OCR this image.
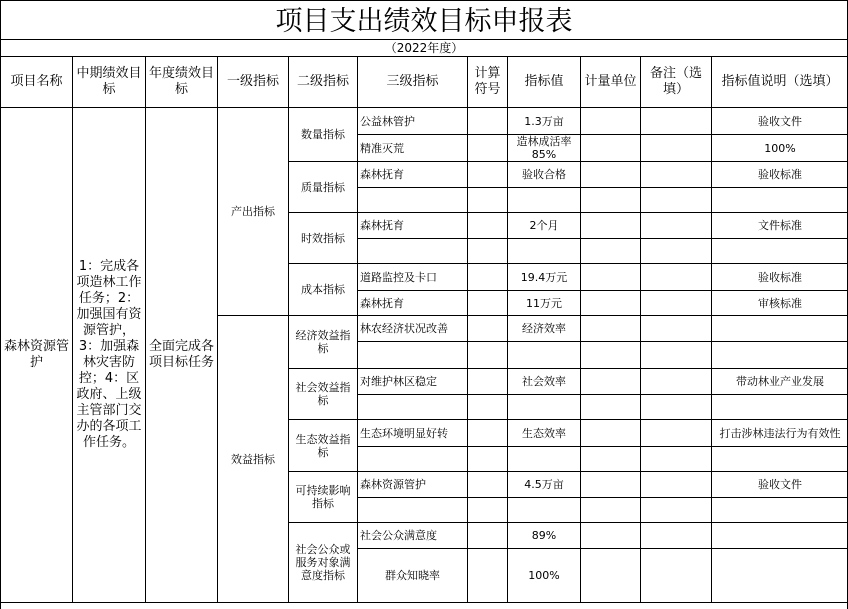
项目支出绩效目标申报表
（2022年度）
项目名称	中期绩效目标	年度绩效目标	一级指标	二级指标	三级指标	计算符号	指标值	计量单位	备注（选填）	指标值说明（选填）
森林资源管护	1：完成各项造林工作任务；2：加强国有资源管护，3：加强森林灾害防控；4：区政府、上级主管部门交办的各项工作任务。	全面完成各项目标任务	产出指标	数量指标	公益林管护		1.3万亩			验收文件
					精准灭荒		造林成活率85%			100%
				质量指标	森林抚育		验收合格			验收标准

				时效指标	森林抚育		2个月			文件标准

				成本指标	道路监控及卡口		19.4万元			验收标准
					森林抚育		11万元			审核标准
			效益指标	经济效益指标	林农经济状况改善		经济效率			

				社会效益指标	对维护林区稳定		社会效率			带动林业产业发展

				生态效益指标	生态环境明显好转		生态效率			打击涉林违法行为有效性

				可持续影响指标	森林资源管护		4.5万亩			验收文件

				社会公众或服务对象满意度指标	社会公众满意度		89%			
					群众知晓率		100%			
